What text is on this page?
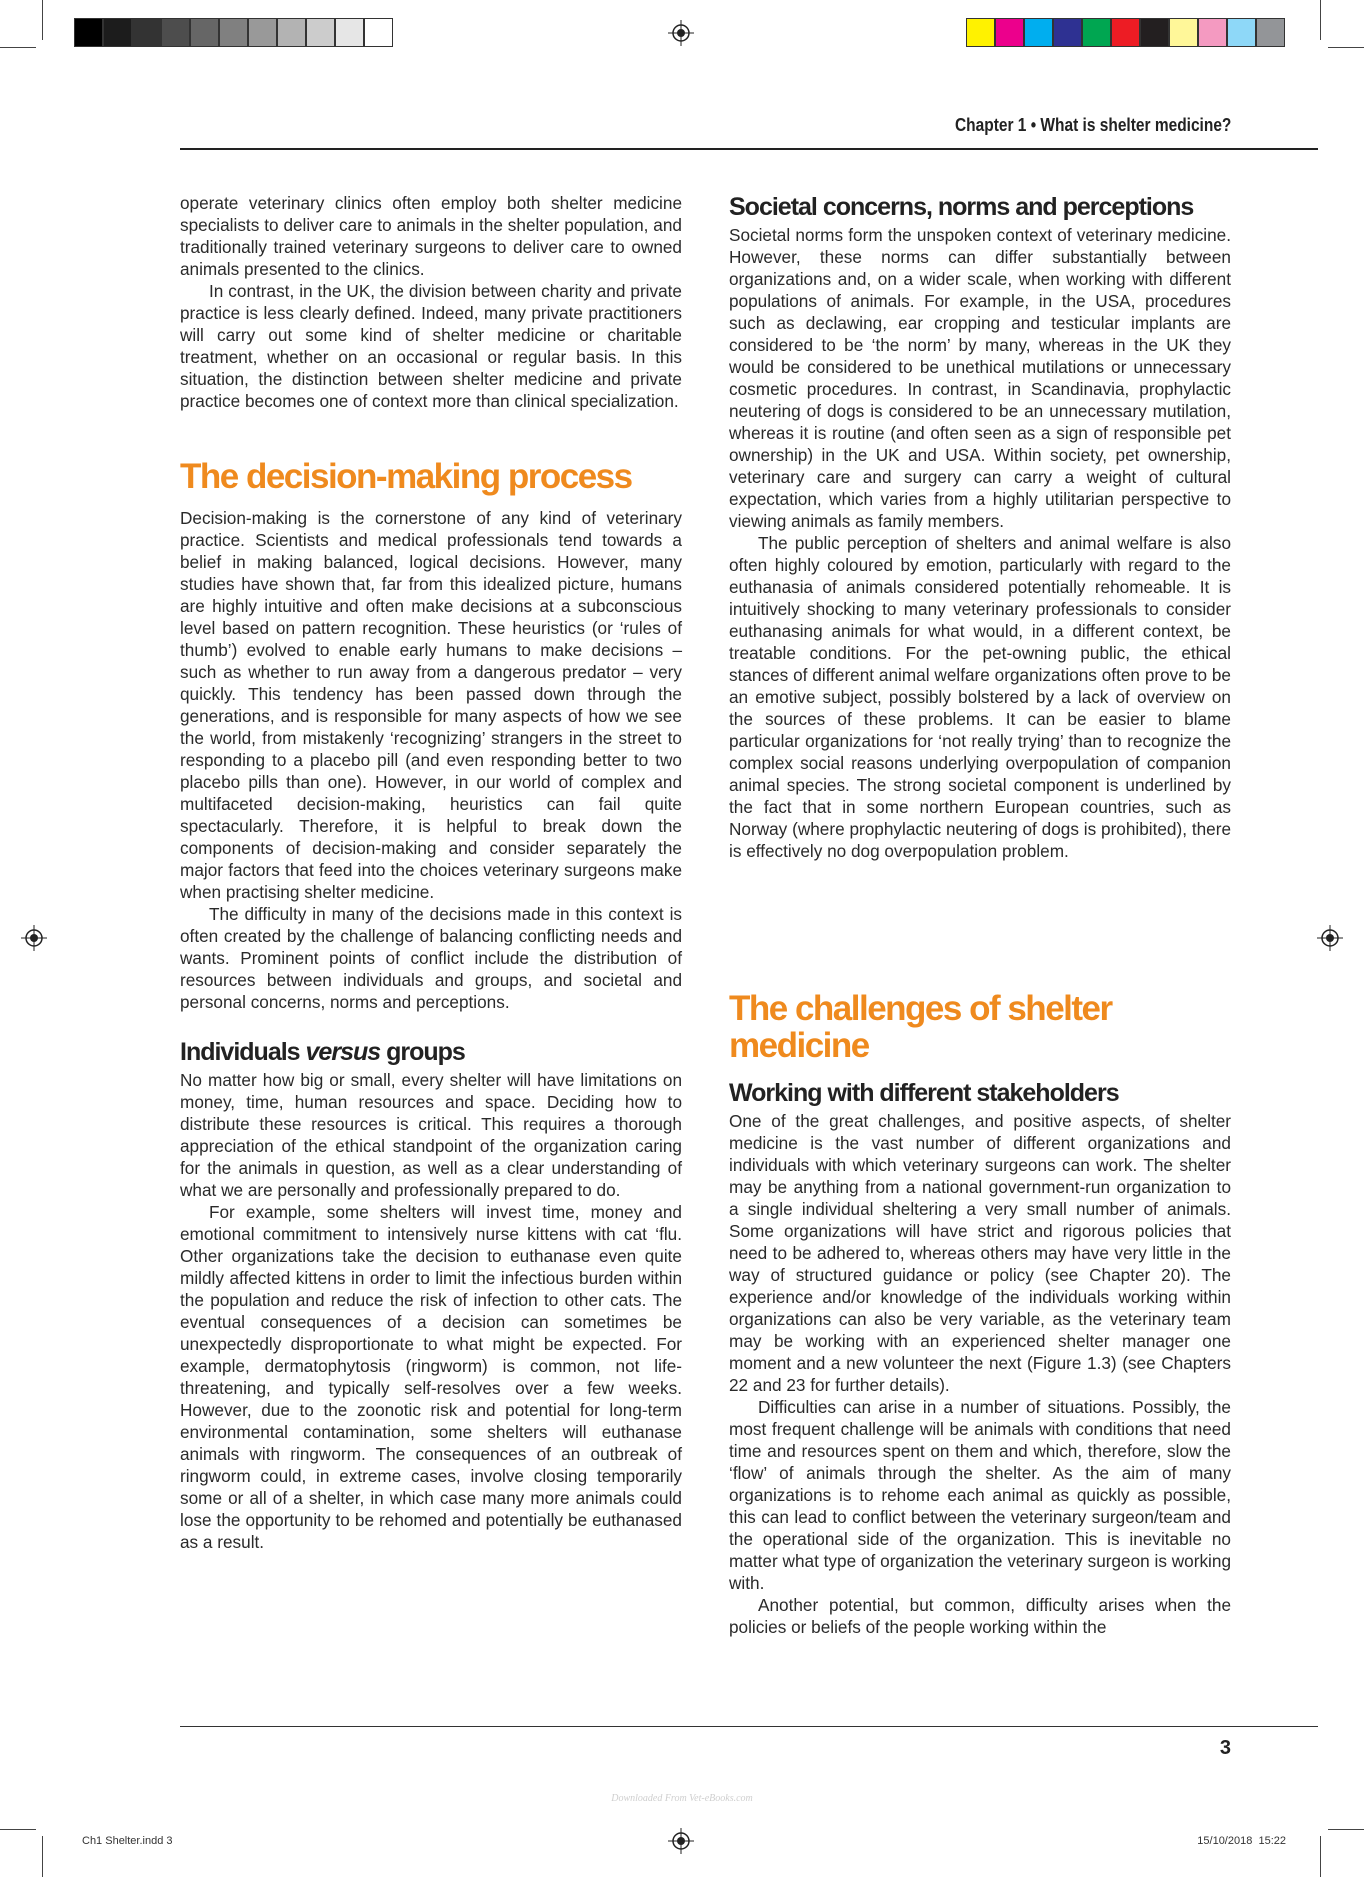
Chapter 1 • What is shelter medicine?

operate veterinary clinics often employ both shelter medicine specialists to deliver care to animals in the shelter population, and traditionally trained veterinary surgeons to deliver care to owned animals presented to the clinics.

In contrast, in the UK, the division between charity and private practice is less clearly defined. Indeed, many private practitioners will carry out some kind of shelter medicine or charitable treatment, whether on an occasional or regular basis. In this situation, the distinction between shelter medicine and private practice becomes one of context more than clinical specialization.

The decision-making process

Decision-making is the cornerstone of any kind of veterinary practice. Scientists and medical professionals tend towards a belief in making balanced, logical decisions. However, many studies have shown that, far from this idealized picture, humans are highly intuitive and often make decisions at a subconscious level based on pattern recognition. These heuristics (or ‘rules of thumb’) evolved to enable early humans to make decisions – such as whether to run away from a dangerous predator – very quickly. This tendency has been passed down through the generations, and is responsible for many aspects of how we see the world, from mistakenly ‘recognizing’ strangers in the street to responding to a placebo pill (and even responding better to two placebo pills than one). However, in our world of complex and multifaceted decision-making, heuristics can fail quite spectacularly. Therefore, it is helpful to break down the components of decision-making and consider separately the major factors that feed into the choices veterinary surgeons make when practising shelter medicine.

The difficulty in many of the decisions made in this context is often created by the challenge of balancing conflicting needs and wants. Prominent points of conflict include the distribution of resources between individuals and groups, and societal and personal concerns, norms and perceptions.

Individuals versus groups

No matter how big or small, every shelter will have limitations on money, time, human resources and space. Deciding how to distribute these resources is critical. This requires a thorough appreciation of the ethical standpoint of the organization caring for the animals in question, as well as a clear understanding of what we are personally and professionally prepared to do.

For example, some shelters will invest time, money and emotional commitment to intensively nurse kittens with cat ‘flu. Other organizations take the decision to euthanase even quite mildly affected kittens in order to limit the infectious burden within the population and reduce the risk of infection to other cats. The eventual consequences of a decision can sometimes be unexpectedly disproportionate to what might be expected. For example, dermatophytosis (ringworm) is common, not life-threatening, and typically self-resolves over a few weeks. However, due to the zoonotic risk and potential for long-term environmental contamination, some shelters will euthanase animals with ringworm. The consequences of an outbreak of ringworm could, in extreme cases, involve closing temporarily some or all of a shelter, in which case many more animals could lose the opportunity to be rehomed and potentially be euthanased as a result.

Societal concerns, norms and perceptions

Societal norms form the unspoken context of veterinary medicine. However, these norms can differ substantially between organizations and, on a wider scale, when working with different populations of animals. For example, in the USA, procedures such as declawing, ear cropping and testicular implants are considered to be ‘the norm’ by many, whereas in the UK they would be considered to be unethical mutilations or unnecessary cosmetic procedures. In contrast, in Scandinavia, prophylactic neutering of dogs is considered to be an unnecessary mutilation, whereas it is routine (and often seen as a sign of responsible pet ownership) in the UK and USA. Within society, pet ownership, veterinary care and surgery can carry a weight of cultural expectation, which varies from a highly utilitarian perspective to viewing animals as family members.

The public perception of shelters and animal welfare is also often highly coloured by emotion, particularly with regard to the euthanasia of animals considered potentially rehomeable. It is intuitively shocking to many veterinary professionals to consider euthanasing animals for what would, in a different context, be treatable conditions. For the pet-owning public, the ethical stances of different animal welfare organizations often prove to be an emotive subject, possibly bolstered by a lack of overview on the sources of these problems. It can be easier to blame particular organizations for ‘not really trying’ than to recognize the complex social reasons underlying overpopulation of companion animal species. The strong societal component is underlined by the fact that in some northern European countries, such as Norway (where prophylactic neutering of dogs is prohibited), there is effectively no dog overpopulation problem.

The challenges of shelter medicine
Working with different stakeholders

One of the great challenges, and positive aspects, of shelter medicine is the vast number of different organizations and individuals with which veterinary surgeons can work. The shelter may be anything from a national government-run organization to a single individual sheltering a very small number of animals. Some organizations will have strict and rigorous policies that need to be adhered to, whereas others may have very little in the way of structured guidance or policy (see Chapter 20). The experience and/or knowledge of the individuals working within organizations can also be very variable, as the veterinary team may be working with an experienced shelter manager one moment and a new volunteer the next (Figure 1.3) (see Chapters 22 and 23 for further details).

Difficulties can arise in a number of situations. Possibly, the most frequent challenge will be animals with conditions that need time and resources spent on them and which, therefore, slow the ‘flow’ of animals through the shelter. As the aim of many organizations is to rehome each animal as quickly as possible, this can lead to conflict between the veterinary surgeon/team and the operational side of the organization. This is inevitable no matter what type of organization the veterinary surgeon is working with.

Another potential, but common, difficulty arises when the policies or beliefs of the people working within the

3
Downloaded From Vet-eBooks.com
Ch1 Shelter.indd 3	15/10/2018 15:22
